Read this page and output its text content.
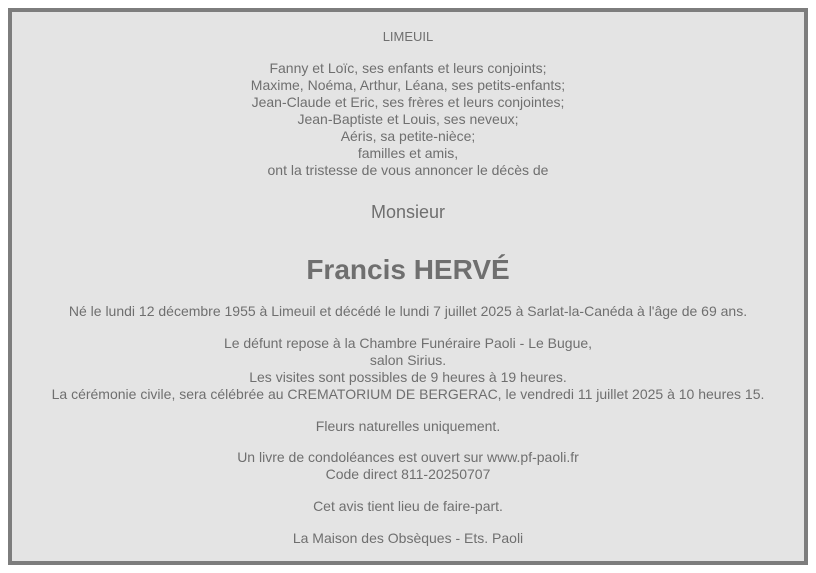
LIMEUIL
Fanny et Loïc, ses enfants et leurs conjoints;
Maxime, Noéma, Arthur, Léana, ses petits-enfants;
Jean-Claude et Eric, ses frères et leurs conjointes;
Jean-Baptiste et Louis, ses neveux;
Aéris, sa petite-nièce;
familles et amis,
ont la tristesse de vous annoncer le décès de
Monsieur
Francis HERVÉ
Né le lundi 12 décembre 1955 à Limeuil et décédé le lundi 7 juillet 2025 à Sarlat-la-Canéda à l'âge de 69 ans.
Le défunt repose à la Chambre Funéraire Paoli - Le Bugue,
salon Sirius.
Les visites sont possibles de 9 heures à 19 heures.
La cérémonie civile, sera célébrée au CREMATORIUM DE BERGERAC, le vendredi 11 juillet 2025 à 10 heures 15.
Fleurs naturelles uniquement.
Un livre de condoléances est ouvert sur www.pf-paoli.fr
Code direct 811-20250707
Cet avis tient lieu de faire-part.
La Maison des Obsèques - Ets. Paoli
